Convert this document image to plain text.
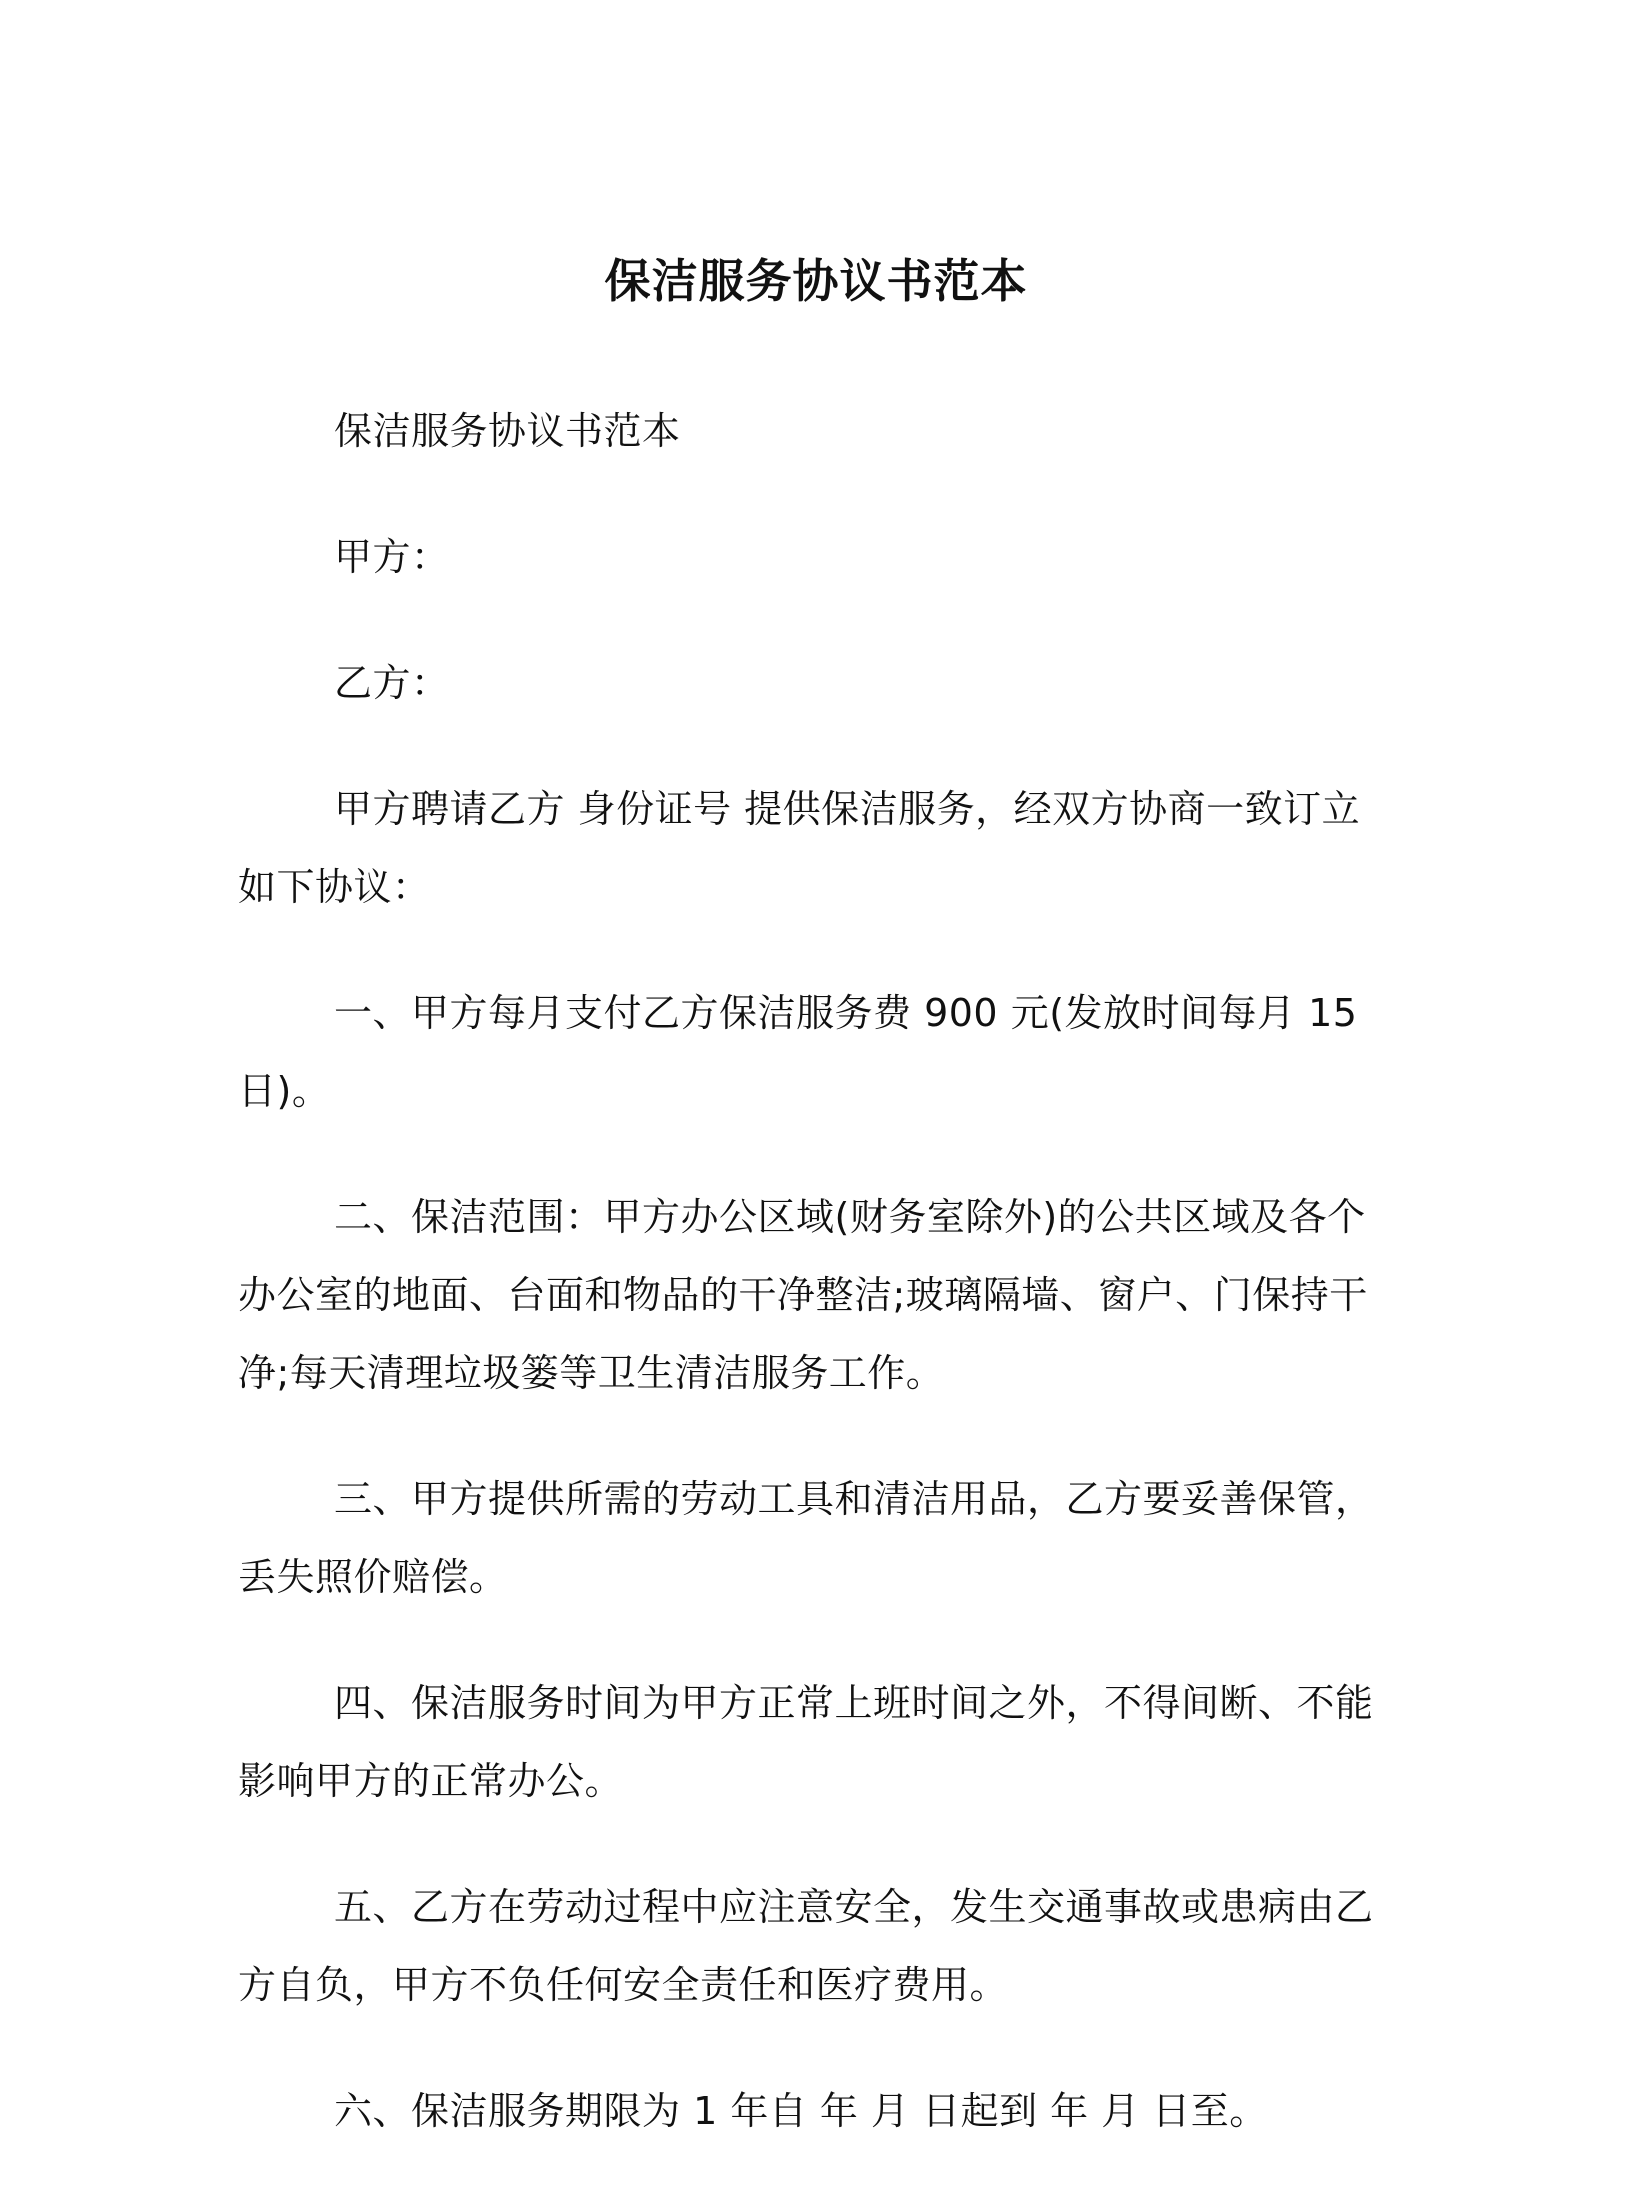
保洁服务协议书范本

保洁服务协议书范本

甲方：

乙方：

甲方聘请乙方 身份证号 提供保洁服务，经双方协商一致订立如下协议：

一、甲方每月支付乙方保洁服务费 900 元(发放时间每月 15 日)。

二、保洁范围：甲方办公区域(财务室除外)的公共区域及各个办公室的地面、台面和物品的干净整洁;玻璃隔墙、窗户、门保持干净;每天清理垃圾篓等卫生清洁服务工作。

三、甲方提供所需的劳动工具和清洁用品，乙方要妥善保管，丢失照价赔偿。

四、保洁服务时间为甲方正常上班时间之外，不得间断、不能影响甲方的正常办公。

五、乙方在劳动过程中应注意安全，发生交通事故或患病由乙方自负，甲方不负任何安全责任和医疗费用。

六、保洁服务期限为 1 年自 年 月 日起到 年 月 日至。
